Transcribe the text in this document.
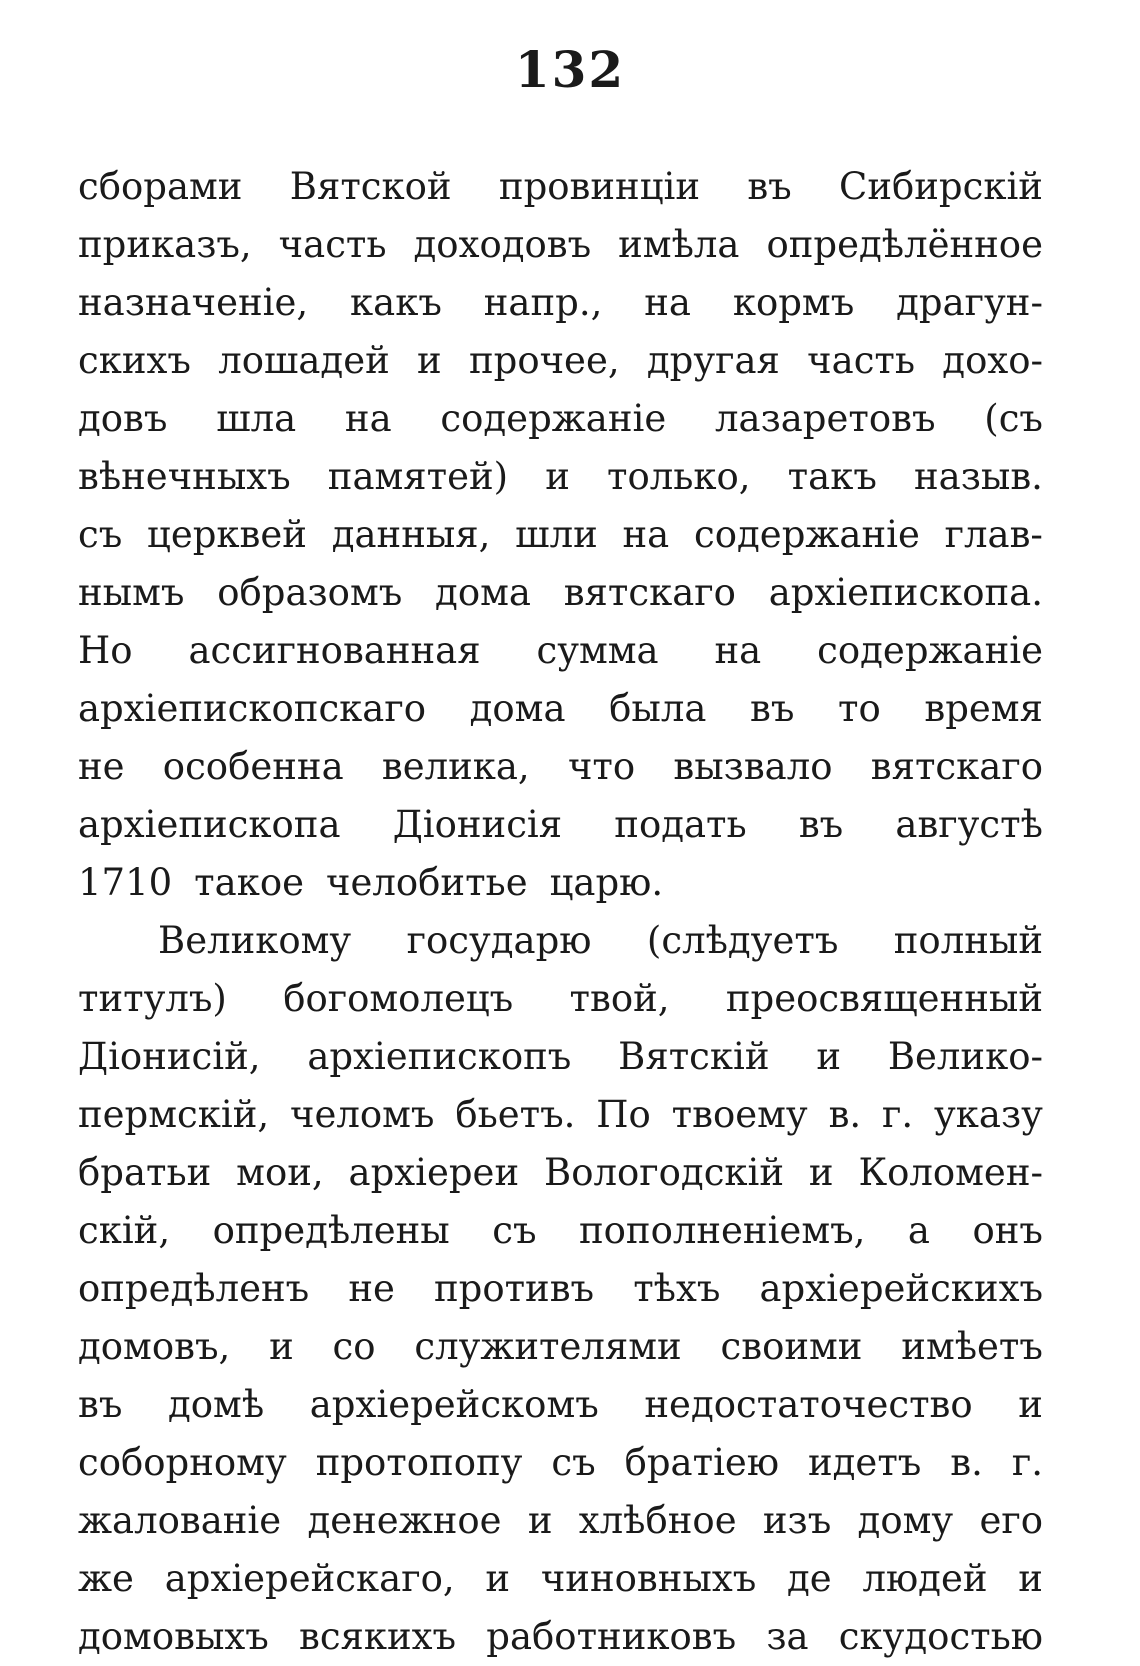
132
сборами Вятской провинціи въ Сибирскій
приказъ, часть доходовъ имѣла опредѣлённое
назначеніе, какъ напр., на кормъ драгун-
скихъ лошадей и прочее, другая часть дохо-
довъ шла на содержаніе лазаретовъ (съ
вѣнечныхъ памятей) и только, такъ назыв.
съ церквей данныя, шли на содержаніе глав-
нымъ образомъ дома вятскаго архіепископа.
Но ассигнованная сумма на содержаніе
архіепископскаго дома была въ то время
не особенна велика, что вызвало вятскаго
архіепископа Діонисія подать въ августѣ
1710 такое челобитье царю.
Великому государю (слѣдуетъ полный
титулъ) богомолецъ твой, преосвященный
Діонисій, архіепископъ Вятскій и Велико-
пермскій, челомъ бьетъ. По твоему в. г. указу
братьи мои, архіереи Вологодскій и Коломен-
скій, опредѣлены съ пополненіемъ, а онъ
опредѣленъ не противъ тѣхъ архіерейскихъ
домовъ, и со служителями своими имѣетъ
въ домѣ архіерейскомъ недостаточество и
соборному протопопу съ братіею идетъ в. г.
жалованіе денежное и хлѣбное изъ дому его
же архіерейскаго, и чиновныхъ де людей и
домовыхъ всякихъ работниковъ за скудостью
